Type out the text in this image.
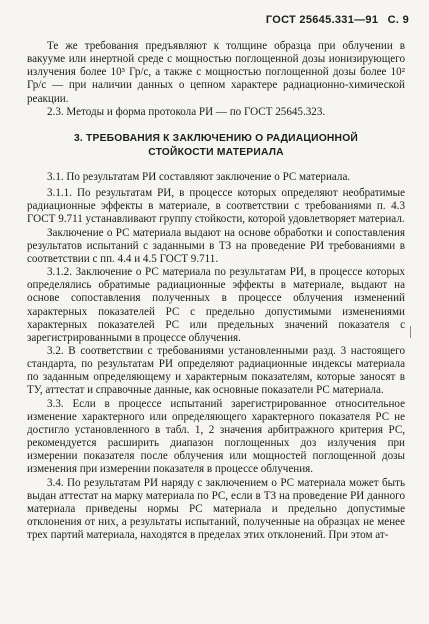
ГОСТ 25645.331—91 С. 9

Те же требования предъявляют к толщине образца при облучении в вакууме или инертной среде с мощностью поглощенной дозы ионизирующего излучения более 10³ Гр/с, а также с мощностью поглощенной дозы более 10² Гр/с — при наличии данных о цепном характере радиационно-химической реакции.

2.3. Методы и форма протокола РИ — по ГОСТ 25645.323.

3. ТРЕБОВАНИЯ К ЗАКЛЮЧЕНИЮ О РАДИАЦИОННОЙ
СТОЙКОСТИ МАТЕРИАЛА

3.1. По результатам РИ составляют заключение о РС материала.

3.1.1. По результатам РИ, в процессе которых определяют необратимые радиационные эффекты в материале, в соответствии с требованиями п. 4.3 ГОСТ 9.711 устанавливают группу стойкости, которой удовлетворяет материал.

Заключение о РС материала выдают на основе обработки и сопоставления результатов испытаний с заданными в ТЗ на проведение РИ требованиями в соответствии с пп. 4.4 и 4.5 ГОСТ 9.711.

3.1.2. Заключение о РС материала по результатам РИ, в процессе которых определялись обратимые радиационные эффекты в материале, выдают на основе сопоставления полученных в процессе облучения изменений характерных показателей РС с предельно допустимыми изменениями характерных показателей РС или предельных значений показателя с зарегистрированными в процессе облучения.

3.2. В соответствии с требованиями установленными разд. 3 настоящего стандарта, по результатам РИ определяют радиационные индексы материала по заданным определяющему и характерным показателям, которые заносят в ТУ, аттестат и справочные данные, как основные показатели РС материала.

3.3. Если в процессе испытаний зарегистрированное относительное изменение характерного или определяющего характерного показателя РС не достигло установленного в табл. 1, 2 значения арбитражного критерия РС, рекомендуется расширить диапазон поглощенных доз излучения при измерении показателя после облучения или мощностей поглощенной дозы изменения при измерении показателя в процессе облучения.

3.4. По результатам РИ наряду с заключением о РС материала может быть выдан аттестат на марку материала по РС, если в ТЗ на проведение РИ данного материала приведены нормы РС материала и предельно допустимые отклонения от них, а результаты испытаний, полученные на образцах не менее трех партий материала, находятся в пределах этих отклонений. При этом ат-
